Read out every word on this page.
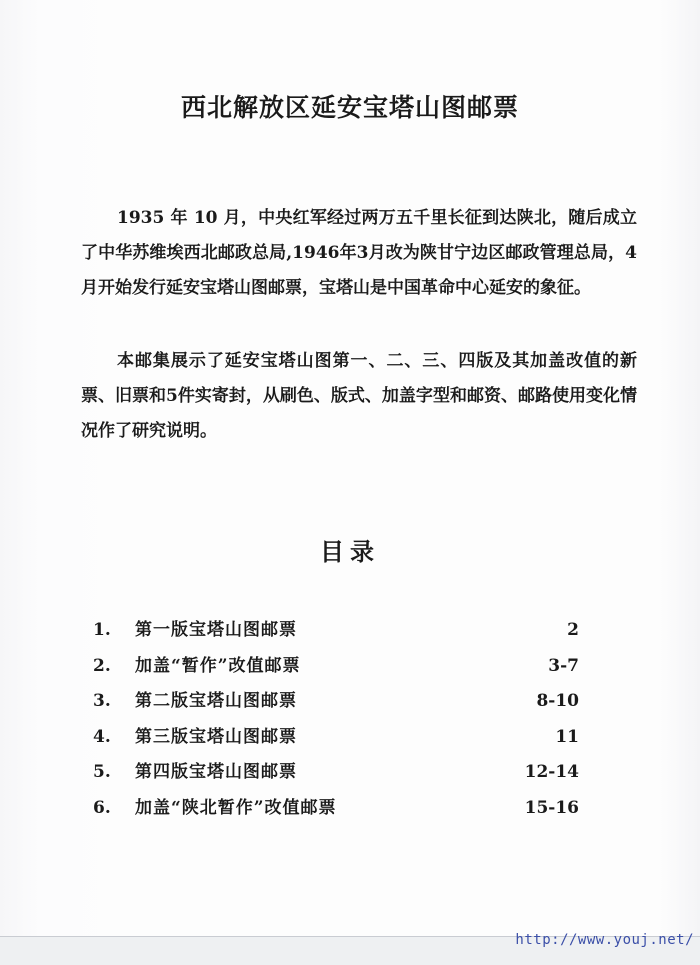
西北解放区延安宝塔山图邮票
1935 年 10 月，中央红军经过两万五千里长征到达陕北，随后成立了中华苏维埃西北邮政总局,1946年3月改为陕甘宁边区邮政管理总局，4 月开始发行延安宝塔山图邮票，宝塔山是中国革命中心延安的象征。
本邮集展示了延安宝塔山图第一、二、三、四版及其加盖改值的新票、旧票和5件实寄封，从刷色、版式、加盖字型和邮资、邮路使用变化情况作了研究说明。
目录
1. 第一版宝塔山图邮票	2
2. 加盖“暂作”改值邮票	3-7
3. 第二版宝塔山图邮票	8-10
4. 第三版宝塔山图邮票	11
5. 第四版宝塔山图邮票	12-14
6. 加盖“陕北暂作”改值邮票	15-16
http://www.youj.net/
